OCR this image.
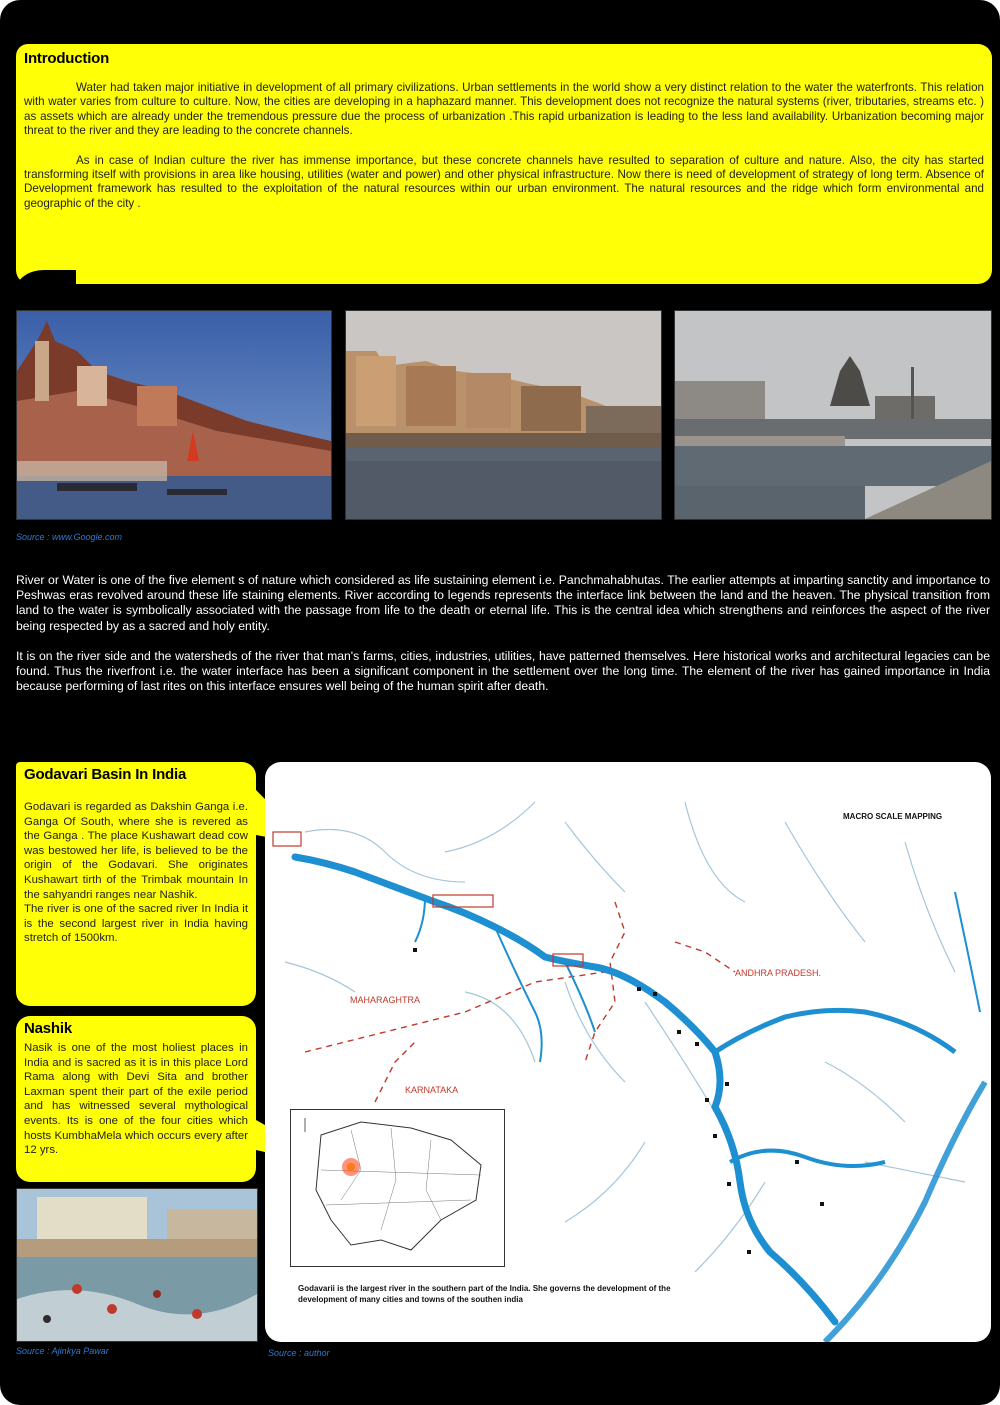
Introduction

Water had taken major initiative in development of all primary civilizations. Urban settlements in the world show a very distinct relation to the water the waterfronts. This relation with water varies from culture to culture. Now, the cities are developing in a haphazard manner. This development does not recognize the natural systems (river, tributaries, streams etc. ) as assets which are already under the tremendous pressure due the process of urbanization .This rapid urbanization is leading to the less land availability. Urbanization becoming major threat to the river and they are leading to the concrete channels.

As in case of Indian culture the river has immense importance, but these concrete channels have resulted to separation of culture and nature. Also, the city has started transforming itself with provisions in area like housing, utilities (water and power) and other physical infrastructure. Now there is need of development of strategy of long term. Absence of Development framework has resulted to the exploitation of the natural resources within our urban environment. The natural resources and the ridge which form environmental and geographic of the city .

Source : www.Google.com

River or Water is one of the five element s of nature which considered as life sustaining element i.e. Panchmahabhutas. The earlier attempts at imparting sanctity and importance to Peshwas eras revolved around these life staining elements. River according to legends represents the interface link between the land and the heaven. The physical transition from land to the water is symbolically associated with the passage from life to the death or eternal life. This is the central idea which strengthens and reinforces the aspect of the river being respected by as a sacred and holy entity.

It is on the river side and the watersheds of the river that man's farms, cities, industries, utilities, have patterned themselves. Here historical works and architectural legacies can be found. Thus the riverfront i.e. the water interface has been a significant component in the settlement over the long time. The element of the river has gained importance in India because performing of last rites on this interface ensures well being of the human spirit after death.

Godavari Basin In India

Godavari is regarded as Dakshin Ganga i.e. Ganga Of South, where she is revered as the Ganga . The place Kushawart dead cow was bestowed her life, is believed to be the origin of the Godavari. She originates Kushawart tirth of the Trimbak mountain In the sahyandri ranges near Nashik.

The river is one of the sacred river In India it is the second largest river in India having stretch of 1500km.

Nashik

Nasik is one of the most holiest places in India and is sacred as it is in this place Lord Rama along with Devi Sita and brother Laxman spent their part of the exile period and has witnessed several mythological events. Its is one of the four cities which hosts KumbhaMela which occurs every after 12 yrs.

Source : Ajinkya Pawar
MACRO SCALE MAPPING
MAHARAGHTRA
ANDHRA PRADESH.
KARNATAKA
Godavarii is the largest river in the southern part of the India. She governs the development of the development of many cities and towns of the southen india
Source : author
